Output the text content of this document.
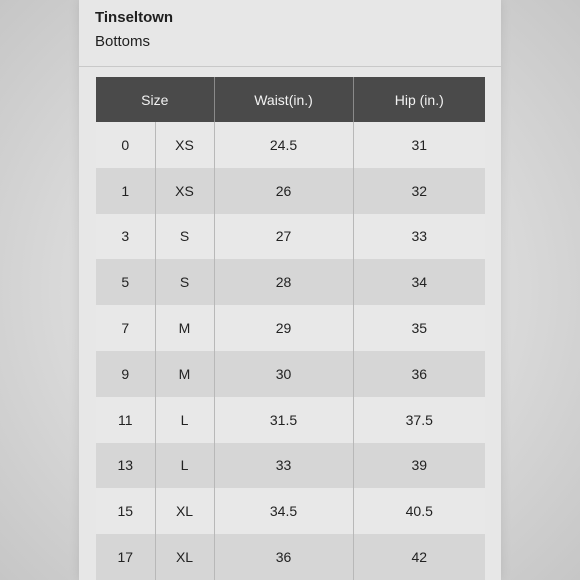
Tinseltown
Bottoms
Size		Waist(in.)	Hip (in.)
0	XS	24.5	31
1	XS	26	32
3	S	27	33
5	S	28	34
7	M	29	35
9	M	30	36
11	L	31.5	37.5
13	L	33	39
15	XL	34.5	40.5
17	XL	36	42
